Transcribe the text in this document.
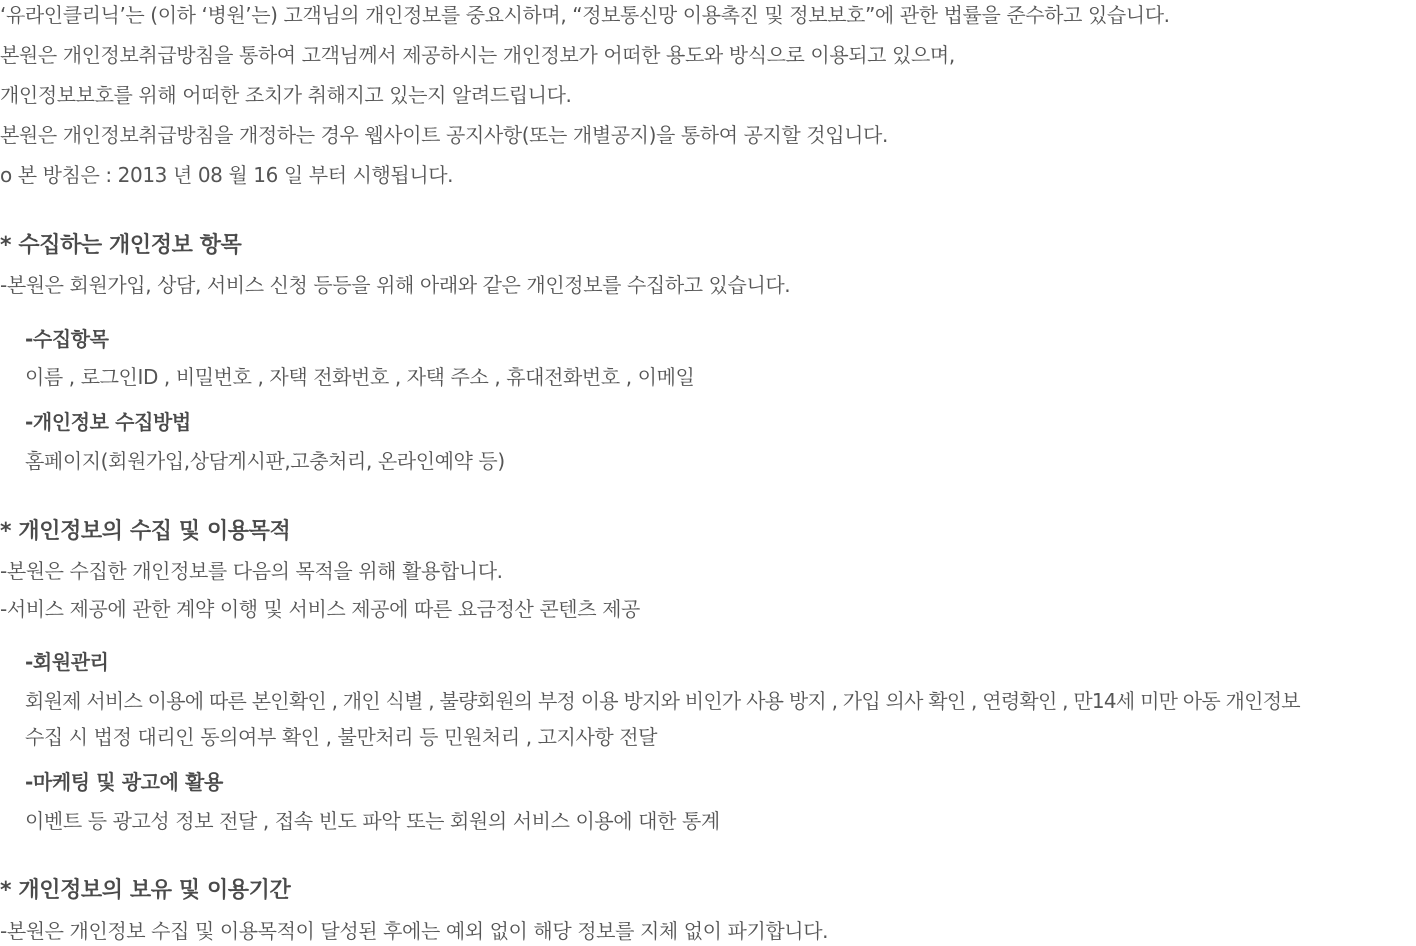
‘유라인클리닉’는 (이하 ‘병원’는) 고객님의 개인정보를 중요시하며, “정보통신망 이용촉진 및 정보보호”에 관한 법률을 준수하고 있습니다.
본원은 개인정보취급방침을 통하여 고객님께서 제공하시는 개인정보가 어떠한 용도와 방식으로 이용되고 있으며,
개인정보보호를 위해 어떠한 조치가 취해지고 있는지 알려드립니다.
본원은 개인정보취급방침을 개정하는 경우 웹사이트 공지사항(또는 개별공지)을 통하여 공지할 것입니다.
o 본 방침은 : 2013 년 08 월 16 일 부터 시행됩니다.
* 수집하는 개인정보 항목
-본원은 회원가입, 상담, 서비스 신청 등등을 위해 아래와 같은 개인정보를 수집하고 있습니다.
-수집항목
이름 , 로그인ID , 비밀번호 , 자택 전화번호 , 자택 주소 , 휴대전화번호 , 이메일
-개인정보 수집방법
홈페이지(회원가입,상담게시판,고충처리, 온라인예약 등)
* 개인정보의 수집 및 이용목적
-본원은 수집한 개인정보를 다음의 목적을 위해 활용합니다.
-서비스 제공에 관한 계약 이행 및 서비스 제공에 따른 요금정산 콘텐츠 제공
-회원관리
회원제 서비스 이용에 따른 본인확인 , 개인 식별 , 불량회원의 부정 이용 방지와 비인가 사용 방지 , 가입 의사 확인 , 연령확인 , 만14세 미만 아동 개인정보
수집 시 법정 대리인 동의여부 확인 , 불만처리 등 민원처리 , 고지사항 전달
-마케팅 및 광고에 활용
이벤트 등 광고성 정보 전달 , 접속 빈도 파악 또는 회원의 서비스 이용에 대한 통계
* 개인정보의 보유 및 이용기간
-본원은 개인정보 수집 및 이용목적이 달성된 후에는 예외 없이 해당 정보를 지체 없이 파기합니다.
